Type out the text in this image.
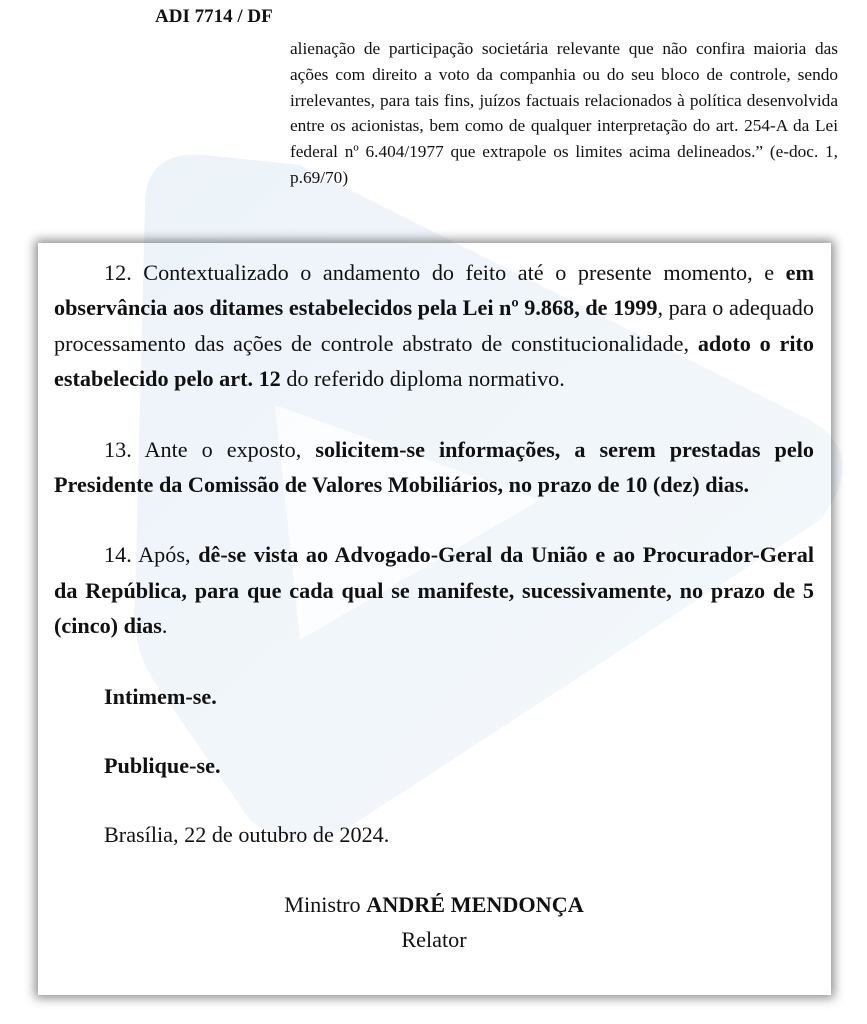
ADI 7714 / DF

alienação de participação societária relevante que não confira maioria das ações com direito a voto da companhia ou do seu bloco de controle, sendo irrelevantes, para tais fins, juízos factuais relacionados à política desenvolvida entre os acionistas, bem como de qualquer interpretação do art. 254-A da Lei federal nº 6.404/1977 que extrapole os limites acima delineados.” (e-doc. 1, p.69/70)

12. Contextualizado o andamento do feito até o presente momento, e em observância aos ditames estabelecidos pela Lei nº 9.868, de 1999, para o adequado processamento das ações de controle abstrato de constitucionalidade, adoto o rito estabelecido pelo art. 12 do referido diploma normativo.

13. Ante o exposto, solicitem-se informações, a serem prestadas pelo Presidente da Comissão de Valores Mobiliários, no prazo de 10 (dez) dias.

14. Após, dê-se vista ao Advogado-Geral da União e ao Procurador-Geral da República, para que cada qual se manifeste, sucessivamente, no prazo de 5 (cinco) dias.

Intimem-se.

Publique-se.

Brasília, 22 de outubro de 2024.

Ministro ANDRÉ MENDONÇA

Relator
